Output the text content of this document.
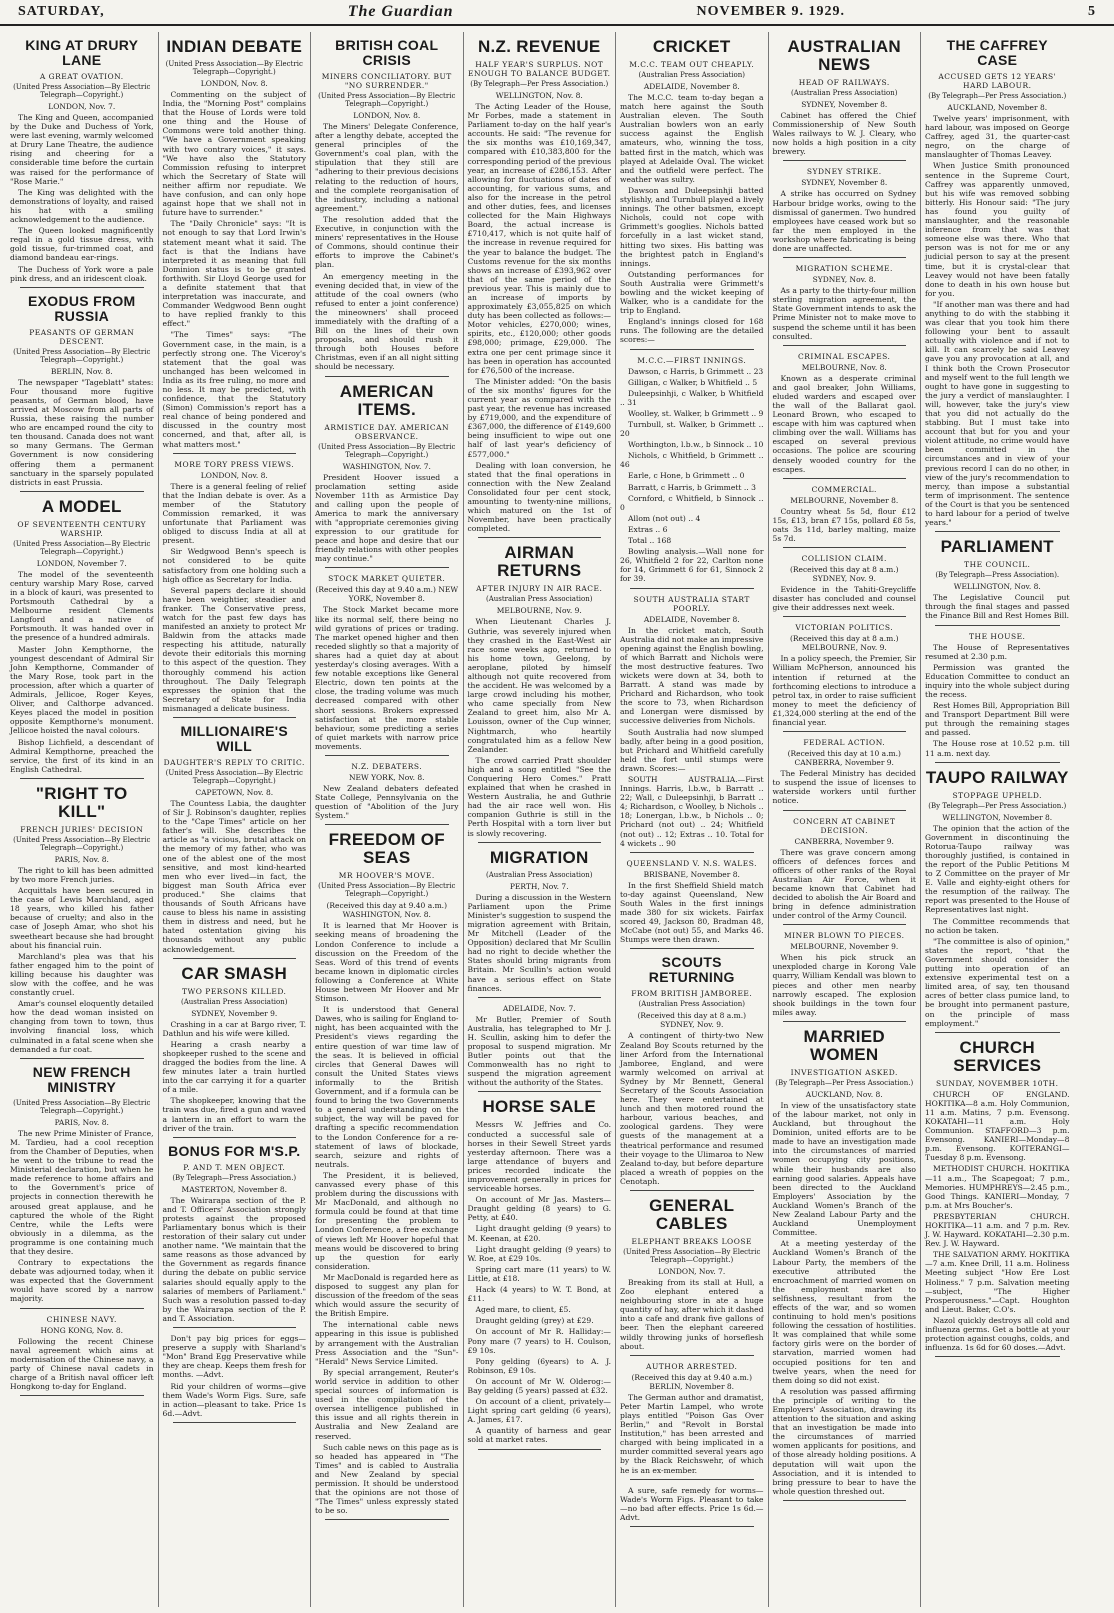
SATURDAY,	The Guardian	NOVEMBER 9. 1929.	5
KING AT DRURY LANE
A GREAT OVATION.
(United Press Association—By Electric Telegraph—Copyright.)
LONDON, Nov. 7.

The King and Queen, accompanied by the Duke and Duchess of York, were last evening, warmly welcomed at Drury Lane Theatre, the audience rising and cheering for a considerable time before the curtain was raised for the performance of "Rose Marie."

The King was delighted with the demonstrations of loyalty, and raised his hat with a smiling acknowledgement to the audience.

The Queen looked magnificently regal in a gold tissue dress, with gold tissue, fur-trimmed coat, and diamond bandeau ear-rings.

The Duchess of York wore a pale pink dress, and an iridescent cloak.

EXODUS FROM RUSSIA
PEASANTS OF GERMAN DESCENT.
(United Press Association—By Electric Telegraph—Copyright.)
BERLIN, Nov. 8.

The newspaper "Tageblatt" states: Four thousand more fugitive peasants, of German blood, have arrived at Moscow from all parts of Russia, these raising the number who are encamped round the city to ten thousand. Canada does not want so many Germans. The German Government is now considering offering them a permanent sanctuary in the sparsely populated districts in east Prussia.

A MODEL
OF SEVENTEENTH CENTURY WARSHIP.
(United Press Association—By Electric Telegraph—Copyright.)
LONDON, November 7.

The model of the seventeenth century warship Mary Rose, carved in a block of kauri, was presented to Portsmouth Cathedral by a Melbourne resident Clements Langford and a native of Portsmouth. It was handed over in the presence of a hundred admirals.

Master John Kempthorne, the youngest descendant of Admiral Sir John Kempthorne, Commander of the Mary Rose, took part in the procession, after which a quarter of Admirals, Jellicoe, Roger Keyes, Oliver, and Calthorpe advanced. Keyes placed the model in position opposite Kempthorne's monument. Jellicoe hoisted the naval colours.

Bishop Lichfield, a descendant of Admiral Kempthorne, preached the service, the first of its kind in an English Cathedral.

"RIGHT TO KILL"
FRENCH JURIES' DECISION
(United Press Association—By Electric Telegraph—Copyright.)
PARIS, Nov. 8.

The right to kill has been admitted by two more French juries.

Acquittals have been secured in the case of Lewis Marchland, aged 18 years, who killed his father because of cruelty; and also in the case of Joseph Amar, who shot his sweetheart because she had brought about his financial ruin.

Marchland's plea was that his father engaged him to the point of killing because his daughter was slow with the coffee, and he was constantly cruel.

Amar's counsel eloquently detailed how the dead woman insisted on changing from town to town, thus involving financial loss, which culminated in a fatal scene when she demanded a fur coat.

NEW FRENCH MINISTRY
(United Press Association—By Electric Telegraph—Copyright.)
PARIS, Nov. 8.

The new Prime Minister of France, M. Tardieu, had a cool reception from the Chamber of Deputies, when he went to the tribune to read the Ministerial declaration, but when he made reference to home affairs and to the Government's price of projects in connection therewith he aroused great applause, and he captured the whole of the Right Centre, while the Lefts were obviously in a dilemma, as the programme is one containing much that they desire.

Contrary to expectations the debate was adjourned today, when it was expected that the Government would have scored by a narrow majority.

CHINESE NAVY.
HONG KONG, Nov. 8.

Following the recent Chinese naval agreement which aims at modernisation of the Chinese navy, a party of Chinese naval cadets in charge of a British naval officer left Hongkong to-day for England.

INDIAN DEBATE
(United Press Association—By Electric Telegraph—Copyright.)
LONDON, Nov. 8.

Commenting on the subject of India, the "Morning Post" complains that the House of Lords were told one thing and the House of Commons were told another thing. "We have a Government speaking with two contrary voices," it says. "We have also the Statutory Commission refusing to interpret which the Secretary of State will neither affirm nor repudiate. We have confusion, and can only hope against hope that we shall not in future have to surrender."

The "Daily Chronicle" says: "It is not enough to say that Lord Irwin's statement meant what it said. The fact is that the Indians have interpreted it as meaning that full Dominion status is to be granted forthwith. Sir Lloyd George used for a definite statement that that interpretation was inaccurate, and Commander Wedgwood Benn ought to have replied frankly to this effect."

"The Times" says: "The Government case, in the main, is a perfectly strong one. The Viceroy's statement that the goal was unchanged has been welcomed in India as its free ruling, no more and no less. It may be predicted, with confidence, that the Statutory (Simon) Commission's report has a real chance of being pondered and discussed in the country most concerned, and that, after all, is what matters most."

MORE TORY PRESS VIEWS.
LONDON, Nov. 8.

There is a general feeling of relief that the Indian debate is over. As a member of the Statutory Commission remarked, it was unfortunate that Parliament was obliged to discuss India at all at present.

Sir Wedgwood Benn's speech is not considered to be quite satisfactory from one holding such a high office as Secretary for India.

Several papers declare it should have been weightier, steadier and franker. The Conservative press, watch for the past few days has manifested an anxiety to protect Mr Baldwin from the attacks made respecting his attitude, naturally devote their editorials this morning to this aspect of the question. They thoroughly commend his action throughout. The Daily Telegraph expresses the opinion that the Secretary of State for India mismanaged a delicate business.

MILLIONAIRE'S WILL
DAUGHTER'S REPLY TO CRITIC.
(United Press Association—By Electric Telegraph—Copyright.)
CAPETOWN, Nov. 8.

The Countess Labia, the daughter of Sir J. Robinson's daughter, replies to the "Cape Times" article on her father's will. She describes the article as "a vicious, brutal attack on the memory of my father, who was one of the ablest one of the most sensitive, and most kind-hearted men who ever lived—in fact, the biggest man South Africa ever produced." She claims that thousands of South Africans have cause to bless his name in assisting them in distress and need, but he hated ostentation giving his thousands without any public acknowledgement.

CAR SMASH
TWO PERSONS KILLED.
(Australian Press Association)
SYDNEY, November 9.

Crashing in a car at Bargo river, T. Dathlun and his wife were killed.

Hearing a crash nearby a shopkeeper rushed to the scene and dragged the bodies from the line. A few minutes later a train hurtled into the car carrying it for a quarter of a mile.

The shopkeeper, knowing that the train was due, fired a gun and waved a lantern in an effort to warn the driver of the train.

BONUS FOR M'S.P.
P. AND T. MEN OBJECT.
(By Telegraph—Press Association.)
MASTERTON, November 8.

The Wairarapa section of the P. and T. Officers' Association strongly protests against the proposed Parliamentary bonus which is their restoration of their salary cut under another name. "We maintain that the same reasons as those advanced by the Government as regards finance during the debate on public service salaries should equally apply to the salaries of members of Parliament." Such was a resolution passed to-day by the Wairarapa section of the P. and T. Association.

Don't pay big prices for eggs—preserve a supply with Sharland's "Mon" Brand Egg Preservative while they are cheap. Keeps them fresh for months. —Advt.

Rid your children of worms—give them Wade's Worm Figs. Sure, safe in action—pleasant to take. Price 1s 6d.—Advt.

BRITISH COAL CRISIS
MINERS CONCILIATORY. BUT "NO SURRENDER."
(United Press Association—By Electric Telegraph—Copyright.)
LONDON, Nov. 8.

The Miners' Delegate Conference, after a lengthy debate, accepted the general principles of the Government's coal plan, with the stipulation that they still are "adhering to their previous decisions relating to the reduction of hours, and the complete reorganisation of the industry, including a national agreement."

The resolution added that the Executive, in conjunction with the miners' representatives in the House of Commons, should continue their efforts to improve the Cabinet's plan.

An emergency meeting in the evening decided that, in view of the attitude of the coal owners (who refused to enter a joint conference) the mineowners' shall proceed immediately with the drafting of a Bill on the lines of their own proposals, and should rush it through both Houses before Christmas, even if an all night sitting should be necessary.

AMERICAN ITEMS.
ARMISTICE DAY. AMERICAN OBSERVANCE.
(United Press Association—By Electric Telegraph—Copyright.)
WASHINGTON, Nov. 7.

President Hoover issued a proclamation setting aside November 11th as Armistice Day and calling upon the people of America to mark the anniversary with "appropriate ceremonies giving expression to our gratitude for peace and hope and desire that our friendly relations with other peoples may continue."

STOCK MARKET QUIETER.
(Received this day at 9.40 a.m.) NEW YORK, November 8.

The Stock Market became more like its normal self, there being no wild gyrations of prices or trading. The market opened higher and then receded slightly so that a majority of shares had a quiet day at about yesterday's closing averages. With a few notable exceptions like General Electric, down ten points at the close, the trading volume was much decreased compared with other short sessions. Brokers expressed satisfaction at the more stable behaviour, some predicting a series of quiet markets with narrow price movements.

N.Z. DEBATERS.
NEW YORK, Nov. 8.

New Zealand debaters defeated State College, Pennsylvania on the question of "Abolition of the Jury System."

FREEDOM OF SEAS
MR HOOVER'S MOVE.
(United Press Association—By Electric Telegraph—Copyright.)
(Received this day at 9.40 a.m.) WASHINGTON, Nov. 8.

It is learned that Mr Hoover is seeking means of broadening the London Conference to include a discussion on the Freedom of the Seas. Word of this trend of events became known in diplomatic circles following a Conference at White House between Mr Hoover and Mr Stimson.

It is understood that General Dawes, who is sailing for England to-night, has been acquainted with the President's views regarding the entire question of war time law of the seas. It is believed in official circles that General Dawes will consult the United States views informally to the British Government, and if a formula can be found to bring the two Governments to a general understanding on the subject, the way will be paved for drafting a specific recommendation to the London Conference for a re-statement of laws of blockade, search, seizure and rights of neutrals.

The President, it is believed, canvassed every phase of this problem during the discussions with Mr MacDonald, and although no formula could be found at that time for presenting the problem to London Conference, a free exchange of views left Mr Hoover hopeful that means would be discovered to bring up the question for early consideration.

Mr MacDonald is regarded here as disposed to suggest any plan for discussion of the freedom of the seas which would assure the security of the British Empire.

The international cable news appearing in this issue is published by arrangement with the Australian Press Association and the "Sun"-"Herald" News Service Limited.

By special arrangement, Reuter's world service in addition to other special sources of information is used in the compilation of the oversea intelligence published in this issue and all rights therein in Australia and New Zealand are reserved.

Such cable news on this page as is so headed has appeared in "The Times" and is cabled to Australia and New Zealand by special permission. It should be understood that the opinions are not those of "The Times" unless expressly stated to be so.

N.Z. REVENUE
HALF YEAR'S SURPLUS. NOT ENOUGH TO BALANCE BUDGET.
(By Telegraph—Per Press Association.)
WELLINGTON, Nov. 8.

The Acting Leader of the House, Mr Forbes, made a statement in Parliament to-day on the half year's accounts. He said: "The revenue for the six months was £10,169,347, compared with £10,383,800 for the corresponding period of the previous year, an increase of £286,153. After allowing for fluctuations of dates of accounting, for various sums, and also for the increase in the petrol and other duties, fees, and licenses collected for the Main Highways Board, the actual increase is £710,417, which is not quite half of the increase in revenue required for the year to balance the budget. The Customs revenue for the six months shows an increase of £393,962 over that of the same period of the previous year. This is mainly due to an increase of imports by approximately £3,055,825 on which duty has been collected as follows:—Motor vehicles, £270,000; wines, spirits, etc., £120,000; other goods £98,000; primage, £29,000. The extra one per cent primage since it has been in operation has accounted for £76,500 of the increase.

The Minister added: "On the basis of the six months' figures for the current year as compared with the past year, the revenue has increased by £719,000, and the expenditure of £367,000, the difference of £149,600 being insufficient to wipe out one half of last year's deficiency of £577,000."

Dealing with loan conversion, he stated that the final operations in connection with the New Zealand Consolidated four per cent stock, amounting to twenty-nine millions, which matured on the 1st of November, have been practically completed.

AIRMAN RETURNS
AFTER INJURY IN AIR RACE.
(Australian Press Association)
MELBOURNE, Nov. 9.

When Lieutenant Charles J. Guthrie, was severely injured when they crashed in the East-West air race some weeks ago, returned to his home town, Geelong, by aeroplane, piloted by himself although not quite recovered from the accident. He was welcomed by a large crowd including his mother, who came specially from New Zealand to greet him, also Mr A. Louisson, owner of the Cup winner, Nightmarch, who heartily congratulated him as a fellow New Zealander.

The crowd carried Pratt shoulder high and a song entitled "See the Conquering Hero Comes." Pratt explained that when he crashed in Western Australia, he and Guthrie had the air race well won. His companion Guthrie is still in the Perth Hospital with a torn liver but is slowly recovering.

MIGRATION
(Australian Press Association)
PERTH, Nov. 7.

During a discussion in the Western Parliament upon the Prime Minister's suggestion to suspend the migration agreement with Britain, Mr Mitchell (Leader of the Opposition) declared that Mr Scullin had no right to decide whether the States should bring migrants from Britain. Mr Scullin's action would have a serious effect on State finances.

ADELAIDE, Nov. 7.

Mr Butler, Premier of South Australia, has telegraphed to Mr J. H. Scullin, asking him to defer the proposal to suspend migration. Mr Butler points out that the Commonwealth has no right to suspend the migration agreement without the authority of the States.

HORSE SALE

Messrs W. Jeffries and Co. conducted a successful sale of horses in their Sewell Street yards yesterday afternoon. There was a large attendance of buyers and prices recorded indicate the improvement generally in prices for serviceable horses.

On account of Mr Jas. Masters— Draught gelding (8 years) to G. Petty, at £40.

Light draught gelding (9 years) to M. Keenan, at £20.

Light draught gelding (9 years) to W. Roe, at £29 10s.

Spring cart mare (11 years) to W. Little, at £18.

Hack (4 years) to W. T. Bond, at £11.

Aged mare, to client, £5.

Draught gelding (grey) at £29.

On account of Mr R. Halliday:— Pony mare (7 years) to H. Coulson, £9 10s.

Pony gelding (6years) to A. J. Robinson, £9 10s.

On account of Mr W. Olderog:— Bay gelding (5 years) passed at £32.

On account of a client, privately— Light spring cart gelding (6 years), A. James, £17.

A quantity of harness and gear sold at market rates.

CRICKET
M.C.C. TEAM OUT CHEAPLY.
(Australian Press Association)
ADELAIDE, November 8.

The M.C.C. team to-day began a match here against the South Australian eleven. The South Australian bowlers won an early success against the English amateurs, who, winning the toss, batted first in the match, which was played at Adelaide Oval. The wicket and the outfield were perfect. The weather was sultry.

Dawson and Duleepsinhji batted stylishly, and Turnbull played a lively innings. The other batsmen, except Nichols, could not cope with Grimmett's googlies. Nichols batted forcefully in a last wicket stand, hitting two sixes. His batting was the brightest patch in England's innings.

Outstanding performances for South Australia were Grimmett's bowling and the wicket keeping of Walker, who is a candidate for the trip to England.

England's innings closed for 168 runs. The following are the detailed scores:—

M.C.C.—FIRST INNINGS.

Dawson, c Harris, b Grimmett .. 23

Gilligan, c Walker, b Whitfield .. 5

Duleepsinhji, c Walker, b Whitfield .. 31

Woolley, st. Walker, b Grimmett .. 9

Turnbull, st. Walker, b Grimmett .. 20

Worthington, l.b.w., b Sinnock .. 10

Nichols, c Whitfield, b Grimmett .. 46

Earle, c Hone, b Grimmett .. 0

Barratt, c Harris, b Grimmett .. 3

Cornford, c Whitfield, b Sinnock .. 0

Allom (not out) .. 4

Extras .. 6

Total .. 168

Bowling analysis.—Wall none for 26, Whitfield 2 for 22, Carlton none for 14, Grimmett 6 for 61, Sinnock 2 for 39.

SOUTH AUSTRALIA START POORLY.
ADELAIDE, November 8.

In the cricket match, South Australia did not make an impressive opening against the English bowling, of which Barratt and Nichols were the most destructive features. Two wickets were down at 34, both to Barratt. A stand was made by Prichard and Richardson, who took the score to 73, when Richardson and Lonergan were dismissed by successive deliveries from Nichols.

South Australia had now slumped badly, after being in a good position, but Prichard and Whitfield carefully held the fort until stumps were drawn. Scores:—

SOUTH AUSTRALIA.—First Innings. Harris, l.b.w., b Barratt .. 22; Wall, c Duleepsinhji, b Barratt .. 4; Richardson, c Woolley, b Nichols .. 18; Lonergan, l.b.w., b Nichols .. 0; Prichard (not out) .. 24; Whitfield (not out) .. 12; Extras .. 10. Total for 4 wickets .. 90

QUEENSLAND V. N.S. WALES.
BRISBANE, November 8.

In the first Sheffield Shield match to-day against Queensland, New South Wales in the first innings made 380 for six wickets. Fairfax scored 49, Jackson 80, Bradman 48, McCabe (not out) 55, and Marks 46. Stumps were then drawn.

SCOUTS RETURNING
FROM BRITISH JAMBOREE.
(Australian Press Association)
(Received this day at 8 a.m.) SYDNEY, Nov. 9.

A contingent of thirty-two New Zealand Boy Scouts returned by the liner Arford from the International Jamboree, England, and were warmly welcomed on arrival at Sydney by Mr Bennett, General Secretary of the Scouts Association here. They were entertained at lunch and then motored round the harbour, various beaches, and zoological gardens. They were guests of the management at a theatrical performance and resumed their voyage to the Ulimaroa to New Zealand to-day, but before departure placed a wreath of poppies on the Cenotaph.

GENERAL CABLES
ELEPHANT BREAKS LOOSE
(United Press Association—By Electric Telegraph—Copyright.)
LONDON, Nov. 7.

Breaking from its stall at Hull, a Zoo elephant entered a neighbouring store in ate a huge quantity of hay, after which it dashed into a cafe and drank five gallons of beer. Then the elephant careered wildly throwing junks of horseflesh about.

AUTHOR ARRESTED.
(Received this day at 9.40 a.m.) BERLIN, November 8.

The German author and dramatist, Peter Martin Lampel, who wrote plays entitled "Poison Gas Over Berlin," and "Revolt in Borstal Institution," has been arrested and charged with being implicated in a murder committed several years ago by the Black Reichswehr, of which he is an ex-member.

A sure, safe remedy for worms—Wade's Worm Figs. Pleasant to take —no bad after effects. Price 1s 6d.—Advt.

AUSTRALIAN NEWS
HEAD OF RAILWAYS.
(Australian Press Association)
SYDNEY, November 8.

Cabinet has offered the Chief Commissionership of New South Wales railways to W. J. Cleary, who now holds a high position in a city brewery.

SYDNEY STRIKE.
SYDNEY, November 8.

A strike has occurred on Sydney Harbour bridge works, owing to the dismissal of ganermen. Two hundred employees have ceased work but so far the men employed in the workshop where fabricating is being done are unaffected.

MIGRATION SCHEME.
SYDNEY, Nov. 8.

As a party to the thirty-four million sterling migration agreement, the State Government intends to ask the Prime Minister not to make move to suspend the scheme until it has been consulted.

CRIMINAL ESCAPES.
MELBOURNE, Nov. 8.

Known as a desperate criminal and gaol breaker, John Williams, eluded warders and escaped over the wall of the Ballarat gaol. Leonard Brown, who escaped to escape with him was captured when climbing over the wall. Williams has escaped on several previous occasions. The police are scouring densely wooded country for the escapes.

COMMERCIAL.
MELBOURNE, November 8.

Country wheat 5s 5d, flour £12 15s, £13, bran £7 15s, pollard £8 5s, oats 3s 11d, barley malting, maize 5s 7d.

COLLISION CLAIM.
(Received this day at 8 a.m.) SYDNEY, Nov. 9.

Evidence in the Tahiti-Greycliffe disaster has concluded and counsel give their addresses next week.

VICTORIAN POLITICS.
(Received this day at 8 a.m.) MELBOURNE, Nov. 9.

In a policy speech, the Premier, Sir William McPherson, announced his intention if returned at the forthcoming elections to introduce a petrol tax, in order to raise sufficient money to meet the deficiency of £1,324,000 sterling at the end of the financial year.

FEDERAL ACTION.
(Received this day at 10 a.m.) CANBERRA, November 9.

The Federal Ministry has decided to suspend the issue of licenses to waterside workers until further notice.

CONCERN AT CABINET DECISION.
CANBERRA, November 9.

There was grave concern among officers of defences forces and officers of other ranks of the Royal Australian Air Force, when it became known that Cabinet had decided to abolish the Air Board and bring in defence administration under control of the Army Council.

MINER BLOWN TO PIECES.
MELBOURNE, November 9.

When his pick struck an unexploded charge in Korong Vale quarry, William Kendall was blown to pieces and other men nearby narrowly escaped. The explosion shook buildings in the town four miles away.

MARRIED WOMEN
INVESTIGATION ASKED.
(By Telegraph—Per Press Association.)
AUCKLAND, Nov. 8.

In view of the unsatisfactory state of the labour market, not only in Auckland, but throughout the Dominion, united efforts are to be made to have an investigation made into the circumstances of married women occupying city positions, while their husbands are also earning good salaries. Appeals have been directed to the Auckland Employers' Association by the Auckland Women's Branch of the New Zealand Labour Party and the Auckland Unemployment Committee.

At a meeting yesterday of the Auckland Women's Branch of the Labour Party, the members of the executive attributed the encroachment of married women on the employment market to selfishness, resultant from the effects of the war, and so women continuing to hold men's positions following the cessation of hostilities. It was complained that while some factory girls were on the border of starvation, married women had occupied positions for ten and twelve years, when the need for them doing so did not exist.

A resolution was passed affirming the principle of writing to the Employers' Association, drawing its attention to the situation and asking that an investigation be made into the circumstances of married women applicants for positions, and of those already holding positions. A deputation will wait upon the Association, and it is intended to bring pressure to bear to have the whole question threshed out.

THE CAFFREY CASE
ACCUSED GETS 12 YEARS' HARD LABOUR.
(By Telegraph—Per Press Association.)
AUCKLAND, November 8.

Twelve years' imprisonment, with hard labour, was imposed on George Caffrey, aged 31, the quarter-cast negro, on the charge of manslaughter of Thomas Leavey.

When Justice Smith pronounced sentence in the Supreme Court, Caffrey was apparently unmoved, but his wife was removed sobbing bitterly. His Honour said: "The jury has found you guilty of manslaughter, and the reasonable inference from that was that someone else was there. Who that person was is not for me or any judicial person to say at the present time, but it is crystal-clear that Leavey would not have been fatally done to death in his own house but for you.

"If another man was there and had anything to do with the stabbing it was clear that you took him there following your bent to assault actually with violence and if not to kill. It can scarcely be said Leavey gave you any provocation at all, and I think both the Crown Prosecutor and myself went to the full length we ought to have gone in suggesting to the jury a verdict of manslaughter. I will, however, take the jury's view that you did not actually do the stabbing. But I must take into account that but for you and your violent attitude, no crime would have been committed in the circumstances and in view of your previous record I can do no other, in view of the jury's recommendation to mercy, than impose a substantial term of imprisonment. The sentence of the Court is that you be sentenced to hard labour for a period of twelve years."

PARLIAMENT
THE COUNCIL.
(By Telegraph—Press Association).
WELLINGTON, Nov. 8.

The Legislative Council put through the final stages and passed the Finance Bill and Rest Homes Bill.

THE HOUSE.

The House of Representatives resumed at 2.30 p.m.

Permission was granted the Education Committee to conduct an inquiry into the whole subject during the recess.

Rest Homes Bill, Appropriation Bill and Transport Department Bill were put through the remaining stages and passed.

The House rose at 10.52 p.m. till 11 a.m. next day.

TAUPO RAILWAY
STOPPAGE UPHELD.
(By Telegraph—Per Press Association.)
WELLINGTON, November 8.

The opinion that the action of the Government in discontinuing the Rotorua-Taupo railway was thoroughly justified, is contained in the report of the Public Petitions M to Z Committee on the prayer of Mr E. Valle and eighty-eight others for the resumption of the railway. The report was presented to the House of Representatives last night.

The Committee recommends that no action be taken.

"The committee is also of opinion," states the report, "that the Government should consider the putting into operation of an extensive experimental test on a limited area, of say, ten thousand acres of better class pumice land, to be brought into permanent pasture, on the principle of mass employment."

CHURCH SERVICES
SUNDAY, NOVEMBER 10TH.

CHURCH OF ENGLAND. HOKITIKA—8 a.m. Holy Communion, 11 a.m. Matins, 7 p.m. Evensong. KOKATAHI—11 a.m. Holy Communion. STAFFORD—3 p.m. Evensong. KANIERI—Monday—8 p.m. Evensong. KOITERANGI—Tuesday 8 p.m. Evensong.

METHODIST CHURCH. HOKITIKA—11 a.m., The Scapegoat; 7 p.m., Memories. HUMPHREYS—2.45 p.m., Good Things. KANIERI—Monday, 7 p.m. at Mrs Boucher's.

PRESBYTERIAN CHURCH. HOKITIKA—11 a.m. and 7 p.m. Rev. J. W. Hayward. KOKATAHI—2.30 p.m. Rev. J. W. Hayward.

THE SALVATION ARMY. HOKITIKA—7 a.m. Knee Drill, 11 a.m. Holiness Meeting subject "How Ere Lost Holiness." 7 p.m. Salvation meeting—subject, "The Higher Prosperousness."—Capt. Houghton and Lieut. Baker, C.O's.

Nazol quickly destroys all cold and influenza germs. Get a bottle at your protection against coughs, colds, and influenza. 1s 6d for 60 doses.—Advt.
